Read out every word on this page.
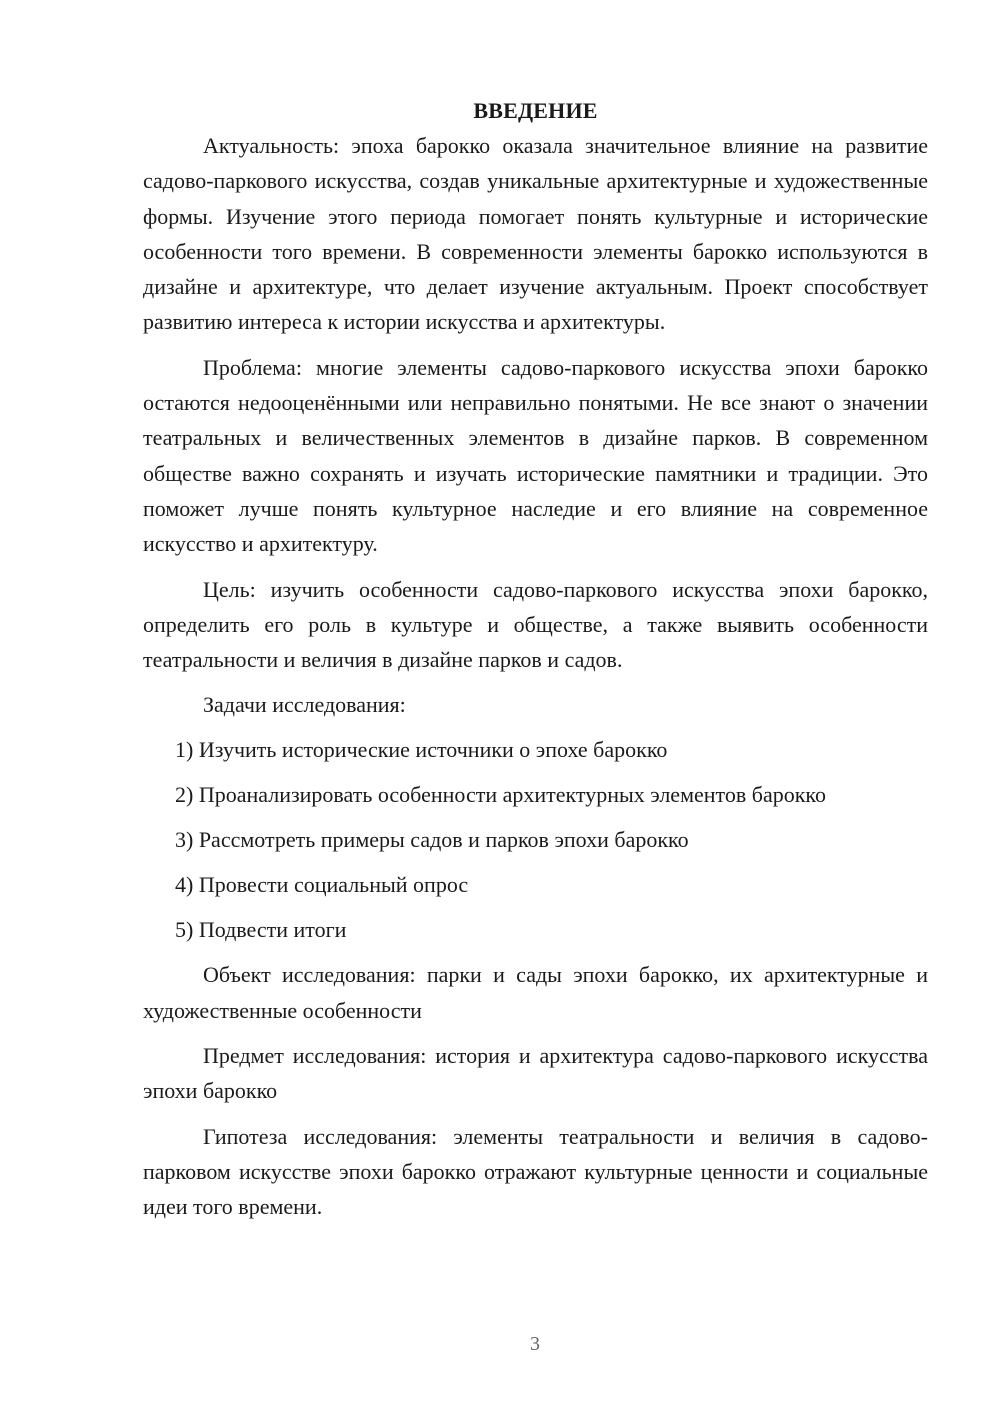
ВВЕДЕНИЕ

Актуальность: эпоха барокко оказала значительное влияние на развитие садово-паркового искусства, создав уникальные архитектурные и художественные формы. Изучение этого периода помогает понять культурные и исторические особенности того времени. В современности элементы барокко используются в дизайне и архитектуре, что делает изучение актуальным. Проект способствует развитию интереса к истории искусства и архитектуры.

Проблема: многие элементы садово-паркового искусства эпохи барокко остаются недооценёнными или неправильно понятыми. Не все знают о значении театральных и величественных элементов в дизайне парков. В современном обществе важно сохранять и изучать исторические памятники и традиции. Это поможет лучше понять культурное наследие и его влияние на современное искусство и архитектуру.

Цель: изучить особенности садово-паркового искусства эпохи барокко, определить его роль в культуре и обществе, а также выявить особенности театральности и величия в дизайне парков и садов.

Задачи исследования:
1) Изучить исторические источники о эпохе барокко
2) Проанализировать особенности архитектурных элементов барокко
3) Рассмотреть примеры садов и парков эпохи барокко
4) Провести социальный опрос
5) Подвести итоги

Объект исследования: парки и сады эпохи барокко, их архитектурные и художественные особенности

Предмет исследования: история и архитектура садово-паркового искусства эпохи барокко

Гипотеза исследования: элементы театральности и величия в садово-парковом искусстве эпохи барокко отражают культурные ценности и социальные идеи того времени.

3
